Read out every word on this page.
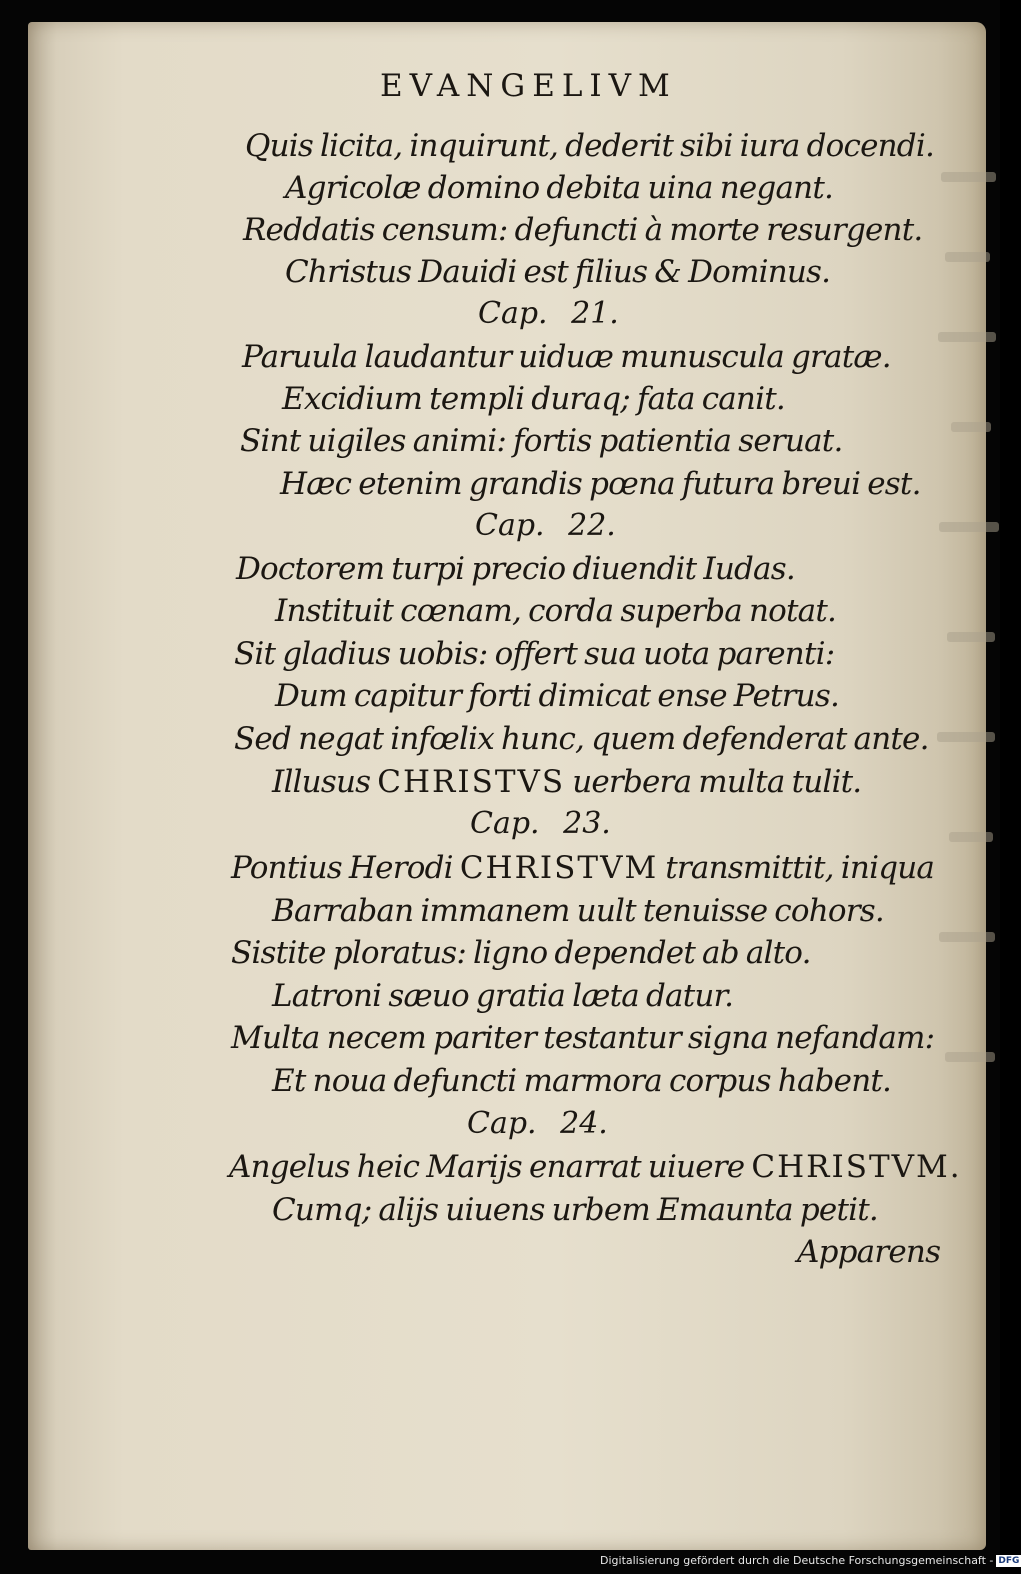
EVANGELIVM
Quis licita, inquirunt, dederit sibi iura docendi.
Agricolæ domino debita uina negant.
Reddatis censum: defuncti à morte resurgent.
Christus Dauidi est filius & Dominus.
Cap. 21.
Paruula laudantur uiduæ munuscula gratæ.
Excidium templi duraq; fata canit.
Sint uigiles animi: fortis patientia seruat.
Hæc etenim grandis pœna futura breui est.
Cap. 22.
Doctorem turpi precio diuendit Iudas.
Instituit cœnam, corda superba notat.
Sit gladius uobis: offert sua uota parenti:
Dum capitur forti dimicat ense Petrus.
Sed negat infœlix hunc, quem defenderat ante.
Illusus CHRISTVS uerbera multa tulit.
Cap. 23.
Pontius Herodi CHRISTVM transmittit, iniqua
Barraban immanem uult tenuisse cohors.
Sistite ploratus: ligno dependet ab alto.
Latroni sæuo gratia læta datur.
Multa necem pariter testantur signa nefandam:
Et noua defuncti marmora corpus habent.
Cap. 24.
Angelus heic Marijs enarrat uiuere CHRISTVM.
Cumq; alijs uiuens urbem Emaunta petit.
Apparens
Digitalisierung gefördert durch die Deutsche Forschungsgemeinschaft - DFG
